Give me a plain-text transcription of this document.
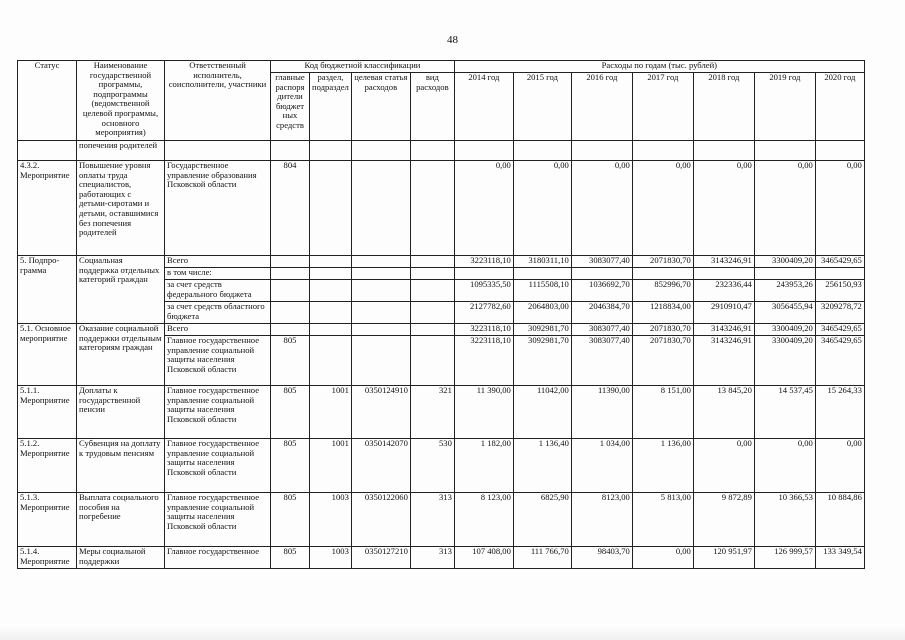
48
Статус	Наименование государственной программы, подпрограммы (ведомственной целевой программы, основного мероприятия)	Ответственный исполнитель, соисполнители, участники	Код бюджетной классификации				Расходы по годам (тыс. рублей)						
			главные распоря дители бюджет ных средств	раздел, подраздел	целевая статья расходов	вид расходов	2014 год	2015 год	2016 год	2017 год	2018 год	2019 год	2020 год
	попечения родителей												
4.3.2. Мероприятие	Повышение уровня оплаты труда специалистов, работающих с детьми-сиротами и детьми, оставшимися без попечения родителей	Государственное управление образования Псковской области	804				0,00	0,00	0,00	0,00	0,00	0,00	0,00
5. Подпро-грамма	Социальная поддержка отдельных категорий граждан	Всего					3223118,10	3180311,10	3083077,40	2071830,70	3143246,91	3300409,20	3465429,65
		в том числе:											
		за счет средств федерального бюджета					1095335,50	1115508,10	1036692,70	852996,70	232336,44	243953,26	256150,93
		за счет средств областного бюджета					2127782,60	2064803,00	2046384,70	1218834,00	2910910,47	3056455,94	3209278,72
5.1. Основное мероприятие	Оказание социальной поддержки отдельным категориям граждан	Всего					3223118,10	3092981,70	3083077,40	2071830,70	3143246,91	3300409,20	3465429,65
		Главное государственное управление социальной защиты населения Псковской области	805				3223118,10	3092981,70	3083077,40	2071830,70	3143246,91	3300409,20	3465429,65
5.1.1. Мероприятие	Доплаты к государственной пенсии	Главное государственное управление социальной защиты населения Псковской области	805	1001	0350124910	321	11 390,00	11042,00	11390,00	8 151,00	13 845,20	14 537,45	15 264,33
5.1.2. Мероприятие	Субвенция на доплату к трудовым пенсиям	Главное государственное управление социальной защиты населения Псковской области	805	1001	0350142070	530	1 182,00	1 136,40	1 034,00	1 136,00	0,00	0,00	0,00
5.1.3. Мероприятие	Выплата социального пособия на погребение	Главное государственное управление социальной защиты населения Псковской области	805	1003	0350122060	313	8 123,00	6825,90	8123,00	5 813,00	9 872,89	10 366,53	10 884,86
5.1.4. Мероприятие	Меры социальной поддержки	Главное государственное	805	1003	0350127210	313	107 408,00	111 766,70	98403,70	0,00	120 951,97	126 999,57	133 349,54
